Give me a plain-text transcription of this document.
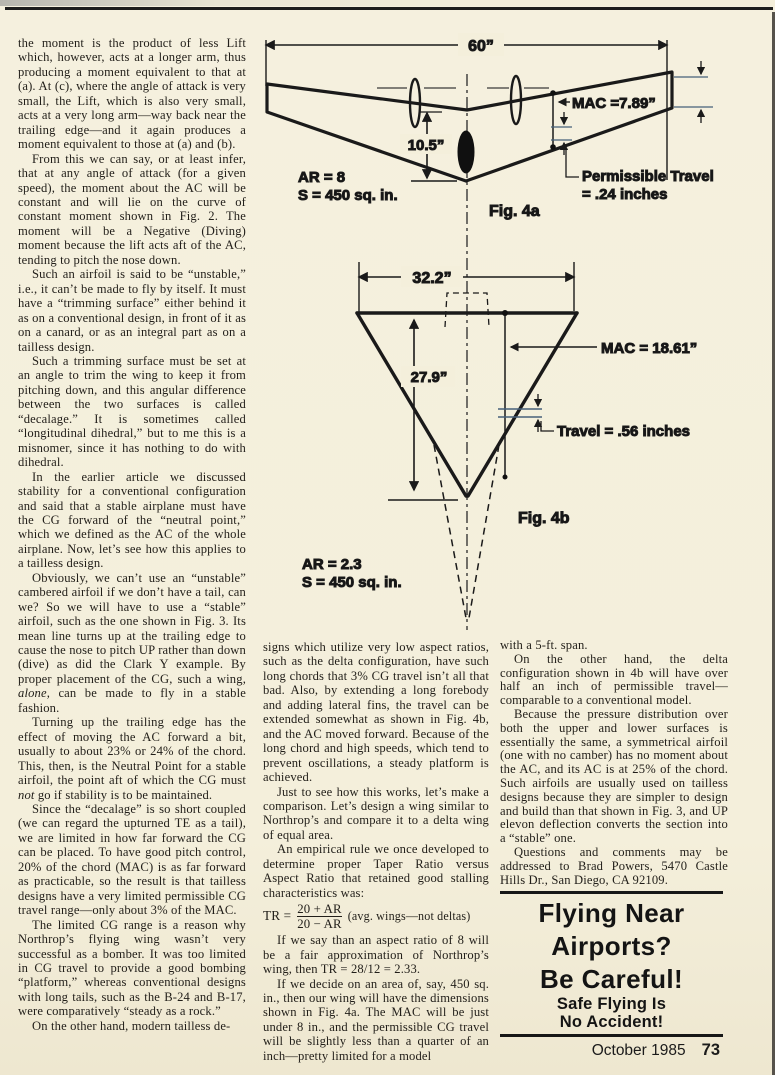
the moment is the product of less Lift which, however, acts at a longer arm, thus producing a moment equivalent to that at (a). At (c), where the angle of attack is very small, the Lift, which is also very small, acts at a very long arm—way back near the trailing edge—and it again produces a moment equivalent to those at (a) and (b).

From this we can say, or at least infer, that at any angle of attack (for a given speed), the moment about the AC will be constant and will lie on the curve of constant moment shown in Fig. 2. The moment will be a Negative (Diving) moment because the lift acts aft of the AC, tending to pitch the nose down.

Such an airfoil is said to be “unstable,” i.e., it can’t be made to fly by itself. It must have a “trimming surface” either behind it as on a conventional design, in front of it as on a canard, or as an integral part as on a tailless design.

Such a trimming surface must be set at an angle to trim the wing to keep it from pitching down, and this angular difference between the two surfaces is called “decalage.” It is sometimes called “longitudinal dihedral,” but to me this is a misnomer, since it has nothing to do with dihedral.

In the earlier article we discussed stability for a conventional configuration and said that a stable airplane must have the CG forward of the “neutral point,” which we defined as the AC of the whole airplane. Now, let’s see how this applies to a tailless design.

Obviously, we can’t use an “unstable” cambered airfoil if we don’t have a tail, can we? So we will have to use a “stable” airfoil, such as the one shown in Fig. 3. Its mean line turns up at the trailing edge to cause the nose to pitch UP rather than down (dive) as did the Clark Y example. By proper placement of the CG, such a wing, alone, can be made to fly in a stable fashion.

Turning up the trailing edge has the effect of moving the AC forward a bit, usually to about 23% or 24% of the chord. This, then, is the Neutral Point for a stable airfoil, the point aft of which the CG must not go if stability is to be maintained.

Since the “decalage” is so short coupled (we can regard the upturned TE as a tail), we are limited in how far forward the CG can be placed. To have good pitch control, 20% of the chord (MAC) is as far forward as practicable, so the result is that tailless designs have a very limited permissible CG travel range—only about 3% of the MAC.

The limited CG range is a reason why Northrop’s flying wing wasn’t very successful as a bomber. It was too limited in CG travel to provide a good bombing “platform,” whereas conventional designs with long tails, such as the B-24 and B-17, were comparatively “steady as a rock.”

On the other hand, modern tailless de-

60”
10.5”
MAC =7.89”
Permissible Travel
= .24 inches
AR = 8
S = 450 sq. in.
Fig. 4a
32.2”
27.9”
MAC = 18.61”
Travel = .56 inches
Fig. 4b
AR = 2.3
S = 450 sq. in.

signs which utilize very low aspect ratios, such as the delta configuration, have such long chords that 3% CG travel isn’t all that bad. Also, by extending a long forebody and adding lateral fins, the travel can be extended somewhat as shown in Fig. 4b, and the AC moved forward. Because of the long chord and high speeds, which tend to prevent oscillations, a steady platform is achieved.

Just to see how this works, let’s make a comparison. Let’s design a wing similar to Northrop’s and compare it to a delta wing of equal area.

An empirical rule we once developed to determine proper Taper Ratio versus Aspect Ratio that retained good stalling characteristics was:

TR = $\frac{20 + AR}{20 - AR} (avg$. wings—not deltas)

If we say than an aspect ratio of 8 will be a fair approximation of Northrop’s wing, then TR = 28/12 = 2.33.

If we decide on an area of, say, 450 sq. in., then our wing will have the dimensions shown in Fig. 4a. The MAC will be just under 8 in., and the permissible CG travel will be slightly less than a quarter of an inch—pretty limited for a model

with a 5-ft. span.

On the other hand, the delta configuration shown in 4b will have over half an inch of permissible travel—comparable to a conventional model.

Because the pressure distribution over both the upper and lower surfaces is essentially the same, a symmetrical airfoil (one with no camber) has no moment about the AC, and its AC is at 25% of the chord. Such airfoils are usually used on tailless designs because they are simpler to design and build than that shown in Fig. 3, and UP elevon deflection converts the section into a “stable” one.

Questions and comments may be addressed to Brad Powers, 5470 Castle Hills Dr., San Diego, CA 92109.

Flying Near
Airports?
Be Careful!
Safe Flying Is
No Accident!
October 1985 73
